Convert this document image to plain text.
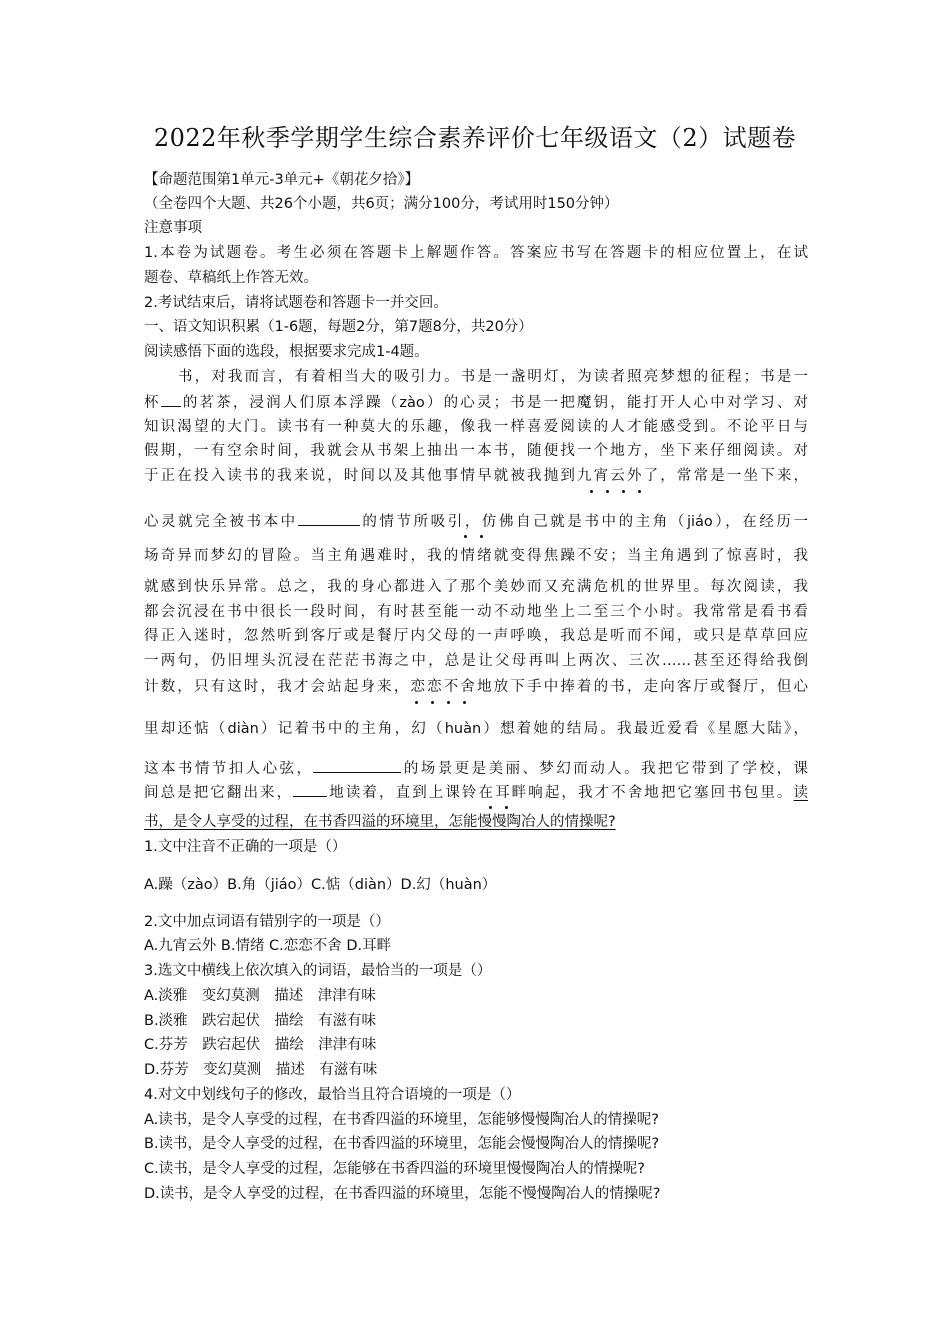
2022年秋季学期学生综合素养评价七年级语文（2）试题卷
【命题范围第1单元-3单元+《朝花夕拾》】
（全卷四个大题、共26个小题，共6页；满分100分，考试用时150分钟）
注意事项
1.本卷为试题卷。考生必须在答题卡上解题作答。答案应书写在答题卡的相应位置上，在试
题卷、草稿纸上作答无效。
2.考试结束后，请将试题卷和答题卡一并交回。
一、语文知识积累（1-6题，每题2分，第7题8分，共20分）
阅读感悟下面的选段，根据要求完成1-4题。
书，对我而言，有着相当大的吸引力。书是一盏明灯，为读者照亮梦想的征程；书是一
杯 的茗茶，浸润人们原本浮躁（zào）的心灵；书是一把魔钥，能打开人心中对学习、对
知识渴望的大门。读书有一种莫大的乐趣，像我一样喜爱阅读的人才能感受到。不论平日与
假期，一有空余时间，我就会从书架上抽出一本书，随便找一个地方，坐下来仔细阅读。对
于正在投入读书的我来说，时间以及其他事情早就被我抛到九宵云外了，常常是一坐下来，
心灵就完全被书本中	的情节所吸引，仿佛自己就是书中的主角（jiáo），在经历一
场奇异而梦幻的冒险。当主角遇难时，我的情绪就变得焦躁不安；当主角遇到了惊喜时，我
就感到快乐异常。总之，我的身心都进入了那个美妙而又充满危机的世界里。每次阅读，我
都会沉浸在书中很长一段时间，有时甚至能一动不动地坐上二至三个小时。我常常是看书看
得正入迷时，忽然听到客厅或是餐厅内父母的一声呼唤，我总是听而不闻，或只是草草回应
一两句，仍旧埋头沉浸在茫茫书海之中，总是让父母再叫上两次、三次……甚至还得给我倒
计数，只有这时，我才会站起身来，恋恋不舍地放下手中捧着的书，走向客厅或餐厅，但心
里却还惦（diàn）记着书中的主角，幻（huàn）想着她的结局。我最近爱看《星愿大陆》，
这本书情节扣人心弦，	的场景更是美丽、梦幻而动人。我把它带到了学校，课
间总是把它翻出来， 地读着，直到上课铃在耳畔响起，我才不舍地把它塞回书包里。读
书，是令人享受的过程，在书香四溢的环境里，怎能慢慢陶冶人的情操呢?
1.文中注音不正确的一项是（）
A.躁（zào）B.角（jiáo）C.惦（diàn）D.幻（huàn）
2.文中加点词语有错别字的一项是（）
A.九宵云外 B.情绪 C.恋恋不舍 D.耳畔
3.选文中横线上依次填入的词语，最恰当的一项是（）
A.淡雅　变幻莫测　描述　津津有味
B.淡雅　跌宕起伏　描绘　有滋有味
C.芬芳　跌宕起伏　描绘　津津有味
D.芬芳　变幻莫测　描述　有滋有味
4.对文中划线句子的修改，最恰当且符合语境的一项是（）
A.读书，是令人享受的过程，在书香四溢的环境里，怎能够慢慢陶冶人的情操呢?
B.读书，是令人享受的过程，在书香四溢的环境里，怎能会慢慢陶冶人的情操呢?
C.读书，是令人享受的过程，怎能够在书香四溢的环境里慢慢陶冶人的情操呢?
D.读书，是令人享受的过程，在书香四溢的环境里，怎能不慢慢陶冶人的情操呢?
